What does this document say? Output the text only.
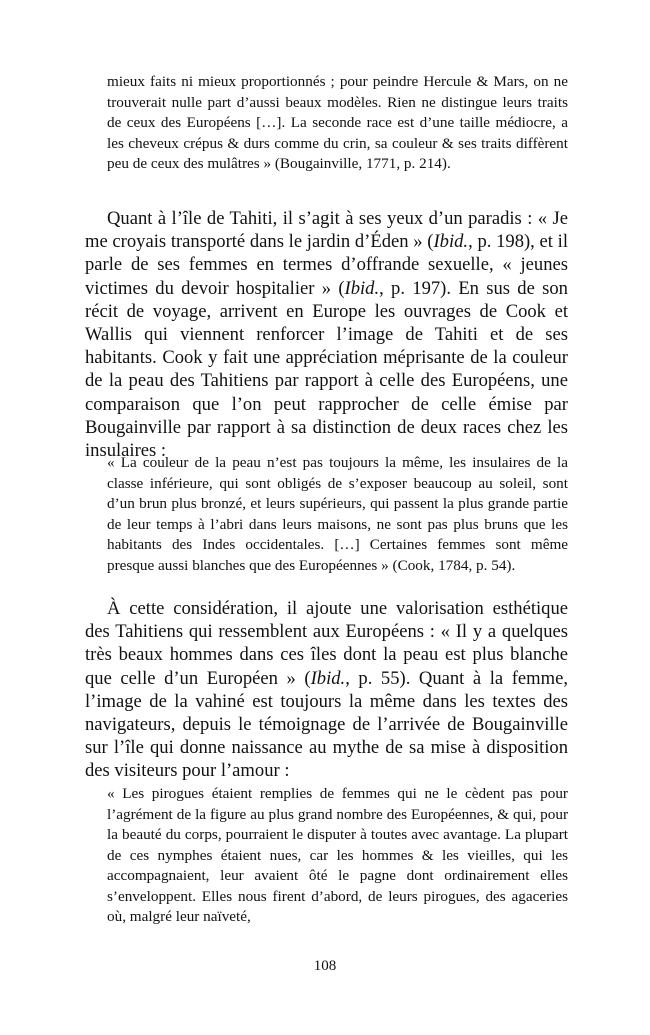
mieux faits ni mieux proportionnés ; pour peindre Hercule & Mars, on ne trouverait nulle part d’aussi beaux modèles. Rien ne distingue leurs traits de ceux des Européens […]. La seconde race est d’une taille médiocre, a les cheveux crépus & durs comme du crin, sa couleur & ses traits diffèrent peu de ceux des mulâtres » (Bougainville, 1771, p. 214).

Quant à l’île de Tahiti, il s’agit à ses yeux d’un paradis : « Je me croyais transporté dans le jardin d’Éden » (Ibid., p. 198), et il parle de ses femmes en termes d’offrande sexuelle, « jeunes victimes du devoir hospitalier » (Ibid., p. 197). En sus de son récit de voyage, arrivent en Europe les ouvrages de Cook et Wallis qui viennent renforcer l’image de Tahiti et de ses habitants. Cook y fait une appréciation méprisante de la couleur de la peau des Tahitiens par rapport à celle des Européens, une comparaison que l’on peut rapprocher de celle émise par Bougainville par rapport à sa distinction de deux races chez les insulaires :

« La couleur de la peau n’est pas toujours la même, les insulaires de la classe inférieure, qui sont obligés de s’exposer beaucoup au soleil, sont d’un brun plus bronzé, et leurs supérieurs, qui passent la plus grande partie de leur temps à l’abri dans leurs maisons, ne sont pas plus bruns que les habitants des Indes occidentales. […] Certaines femmes sont même presque aussi blanches que des Européennes » (Cook, 1784, p. 54).

À cette considération, il ajoute une valorisation esthétique des Tahitiens qui ressemblent aux Européens : « Il y a quelques très beaux hommes dans ces îles dont la peau est plus blanche que celle d’un Européen » (Ibid., p. 55). Quant à la femme, l’image de la vahiné est toujours la même dans les textes des navigateurs, depuis le témoignage de l’arrivée de Bougainville sur l’île qui donne naissance au mythe de sa mise à disposition des visiteurs pour l’amour :

« Les pirogues étaient remplies de femmes qui ne le cèdent pas pour l’agrément de la figure au plus grand nombre des Européennes, & qui, pour la beauté du corps, pourraient le disputer à toutes avec avantage. La plupart de ces nymphes étaient nues, car les hommes & les vieilles, qui les accompagnaient, leur avaient ôté le pagne dont ordinairement elles s’enveloppent. Elles nous firent d’abord, de leurs pirogues, des agaceries où, malgré leur naïveté,

108
